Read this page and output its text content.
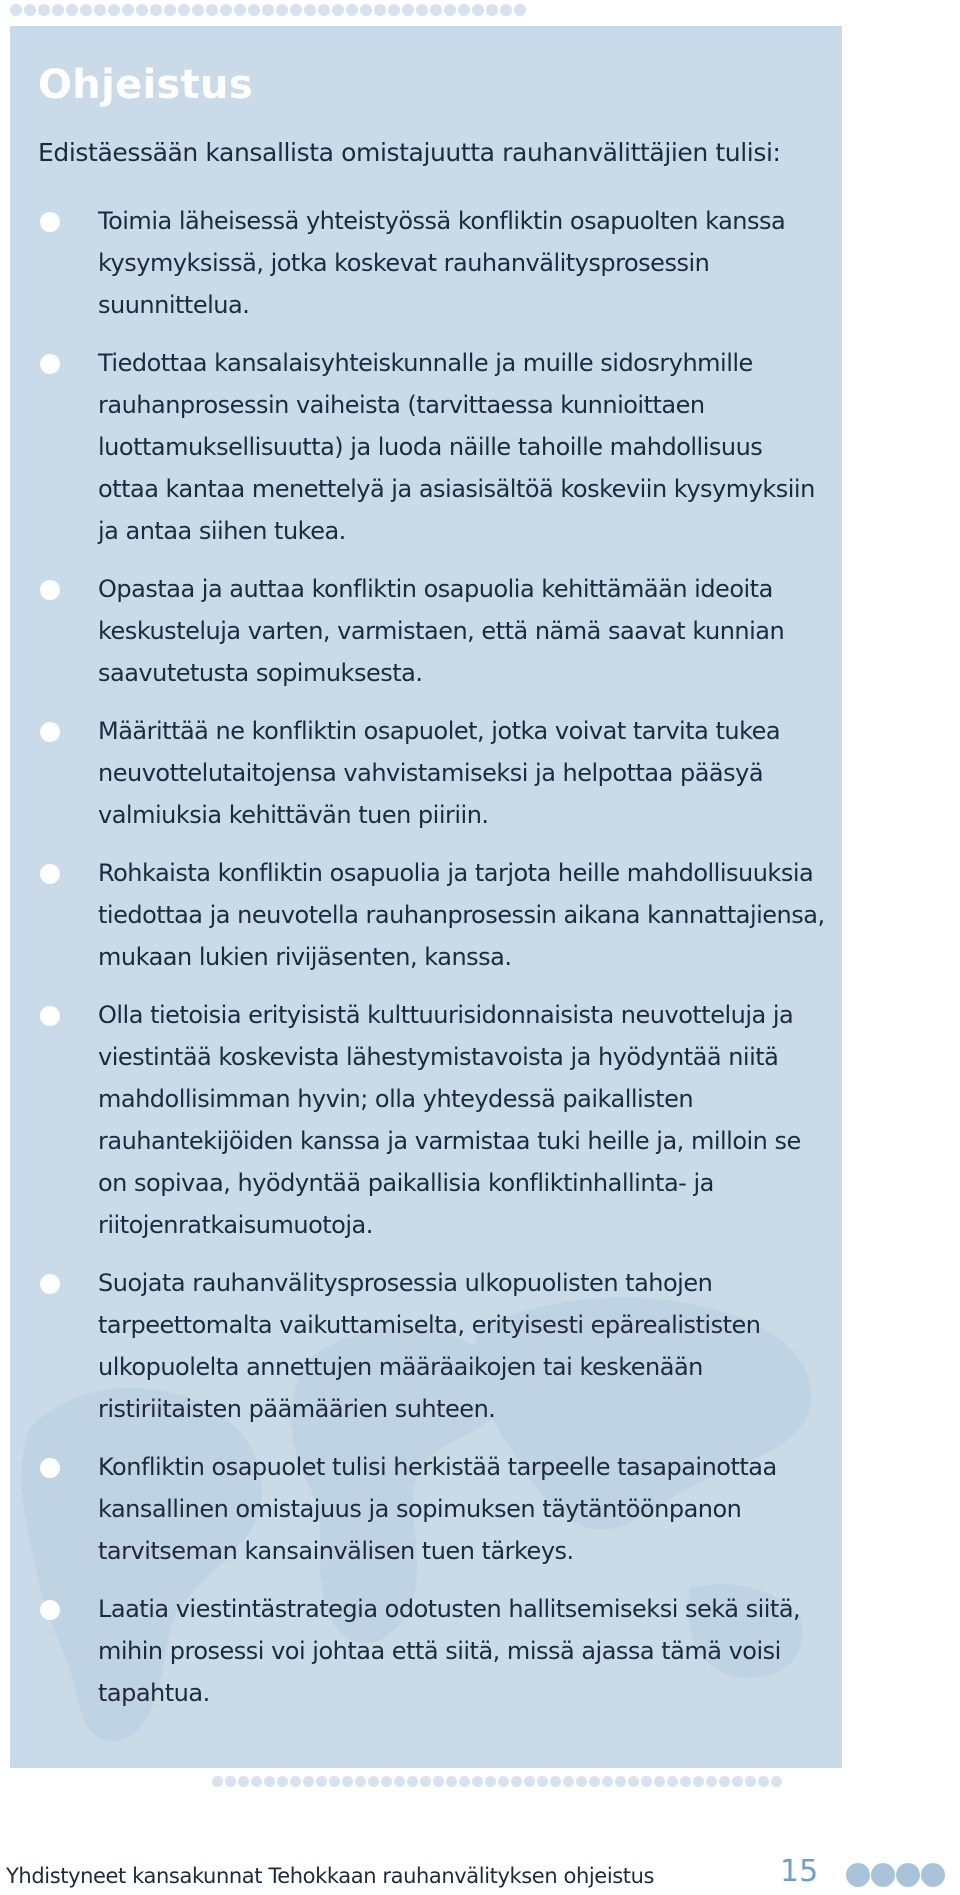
Ohjeistus
Edistäessään kansallista omistajuutta rauhanvälittäjien tulisi:
Toimia läheisessä yhteistyössä konfliktin osapuolten kanssa kysymyksissä, jotka koskevat rauhanvälitysprosessin suunnittelua.
Tiedottaa kansalaisyhteiskunnalle ja muille sidosryhmille rauhanprosessin vaiheista (tarvittaessa kunnioittaen luottamuksellisuutta) ja luoda näille tahoille mahdollisuus ottaa kantaa menettelyä ja asiasisältöä koskeviin kysymyksiin ja antaa siihen tukea.
Opastaa ja auttaa konfliktin osapuolia kehittämään ideoita keskusteluja varten, varmistaen, että nämä saavat kunnian saavutetusta sopimuksesta.
Määrittää ne konfliktin osapuolet, jotka voivat tarvita tukea neuvottelutaitojensa vahvistamiseksi ja helpottaa pääsyä valmiuksia kehittävän tuen piiriin.
Rohkaista konfliktin osapuolia ja tarjota heille mahdollisuuksia tiedottaa ja neuvotella rauhanprosessin aikana kannattajiensa, mukaan lukien rivijäsenten, kanssa.
Olla tietoisia erityisistä kulttuurisidonnaisista neuvotteluja ja viestintää koskevista lähestymistavoista ja hyödyntää niitä mahdollisimman hyvin; olla yhteydessä paikallisten rauhantekijöiden kanssa ja varmistaa tuki heille ja, milloin se on sopivaa, hyödyntää paikallisia konfliktinhallinta- ja riitojenratkaisumuotoja.
Suojata rauhanvälitysprosessia ulkopuolisten tahojen tarpeettomalta vaikuttamiselta, erityisesti epärealististen ulkopuolelta annettujen määräaikojen tai keskenään ristiriitaisten päämäärien suhteen.
Konfliktin osapuolet tulisi herkistää tarpeelle tasapainottaa kansallinen omistajuus ja sopimuksen täytäntöönpanon tarvitseman kansainvälisen tuen tärkeys.
Laatia viestintästrategia odotusten hallitsemiseksi sekä siitä, mihin prosessi voi johtaa että siitä, missä ajassa tämä voisi tapahtua.
Yhdistyneet kansakunnat Tehokkaan rauhanvälityksen ohjeistus	15
